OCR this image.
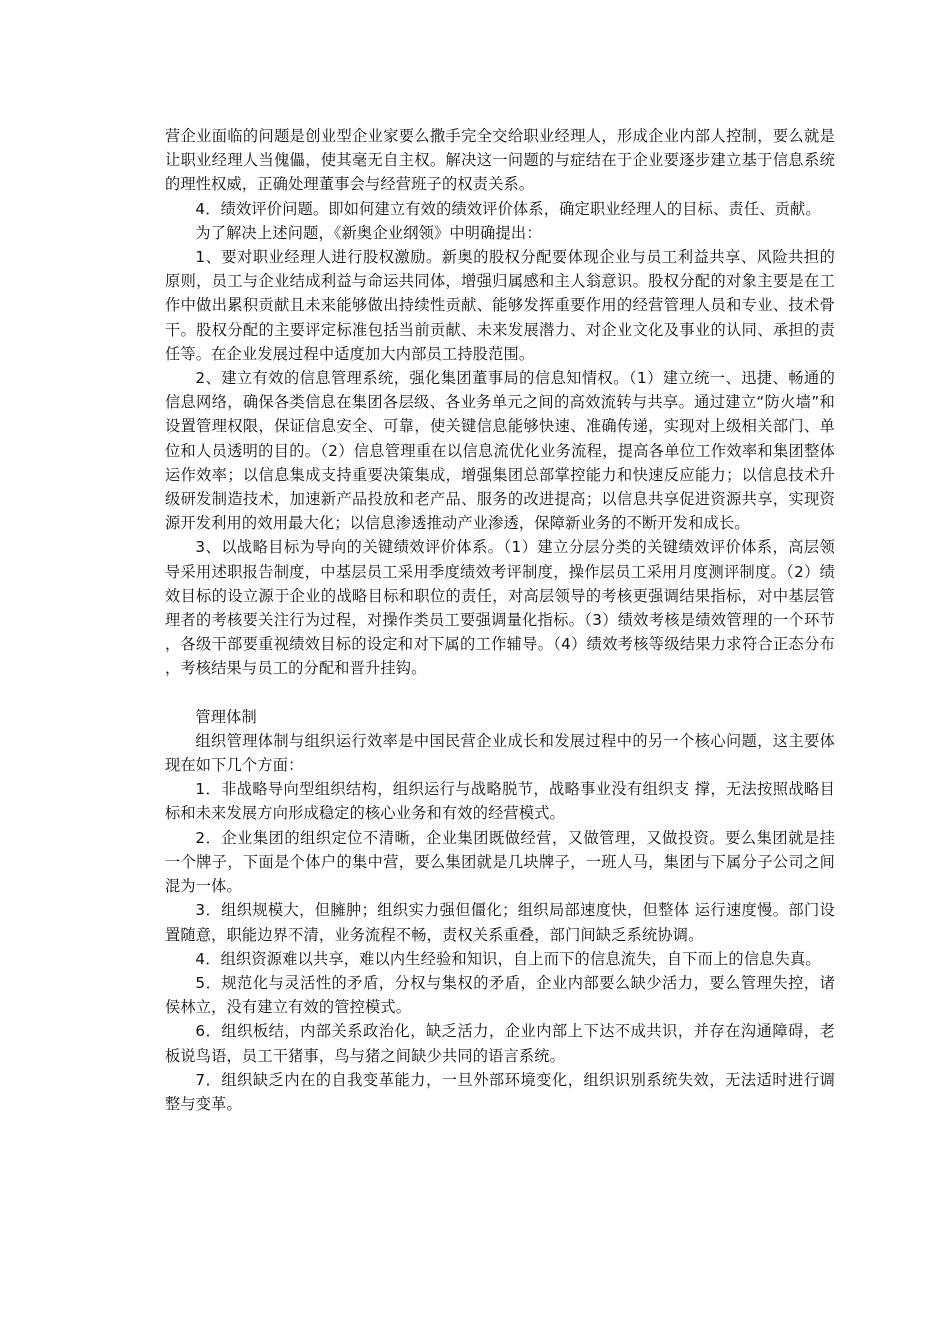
营企业面临的问题是创业型企业家要么撒手完全交给职业经理人，形成企业内部人控制，要么就是让职业经理人当傀儡，使其毫无自主权。解决这一问题的与症结在于企业要逐步建立基于信息系统的理性权威，正确处理董事会与经营班子的权责关系。

4．绩效评价问题。即如何建立有效的绩效评价体系，确定职业经理人的目标、责任、贡献。

为了解决上述问题，《新奥企业纲领》中明确提出：

1、要对职业经理人进行股权激励。新奥的股权分配要体现企业与员工利益共享、风险共担的原则，员工与企业结成利益与命运共同体，增强归属感和主人翁意识。股权分配的对象主要是在工作中做出累积贡献且未来能够做出持续性贡献、能够发挥重要作用的经营管理人员和专业、技术骨干。股权分配的主要评定标准包括当前贡献、未来发展潜力、对企业文化及事业的认同、承担的责任等。在企业发展过程中适度加大内部员工持股范围。

2、建立有效的信息管理系统，强化集团董事局的信息知情权。（1）建立统一、迅捷、畅通的信息网络，确保各类信息在集团各层级、各业务单元之间的高效流转与共享。通过建立“防火墙”和设置管理权限，保证信息安全、可靠，使关键信息能够快速、准确传递，实现对上级相关部门、单位和人员透明的目的。（2）信息管理重在以信息流优化业务流程，提高各单位工作效率和集团整体运作效率；以信息集成支持重要决策集成，增强集团总部掌控能力和快速反应能力；以信息技术升级研发制造技术，加速新产品投放和老产品、服务的改进提高；以信息共享促进资源共享，实现资源开发利用的效用最大化；以信息渗透推动产业渗透，保障新业务的不断开发和成长。

3、以战略目标为导向的关键绩效评价体系。（1）建立分层分类的关键绩效评价体系，高层领导采用述职报告制度，中基层员工采用季度绩效考评制度，操作层员工采用月度测评制度。（2）绩效目标的设立源于企业的战略目标和职位的责任，对高层领导的考核更强调结果指标，对中基层管理者的考核要关注行为过程，对操作类员工要强调量化指标。（3）绩效考核是绩效管理的一个环节，各级干部要重视绩效目标的设定和对下属的工作辅导。（4）绩效考核等级结果力求符合正态分布，考核结果与员工的分配和晋升挂钩。

管理体制

组织管理体制与组织运行效率是中国民营企业成长和发展过程中的另一个核心问题，这主要体现在如下几个方面：

1．非战略导向型组织结构，组织运行与战略脱节，战略事业没有组织支 撑，无法按照战略目标和未来发展方向形成稳定的核心业务和有效的经营模式。

2．企业集团的组织定位不清晰，企业集团既做经营，又做管理，又做投资。要么集团就是挂一个牌子，下面是个体户的集中营，要么集团就是几块牌子，一班人马，集团与下属分子公司之间混为一体。

3．组织规模大，但臃肿；组织实力强但僵化；组织局部速度快，但整体 运行速度慢。部门设置随意，职能边界不清，业务流程不畅，责权关系重叠，部门间缺乏系统协调。

4．组织资源难以共享，难以内生经验和知识，自上而下的信息流失，自下而上的信息失真。

5．规范化与灵活性的矛盾，分权与集权的矛盾，企业内部要么缺少活力，要么管理失控，诸侯林立，没有建立有效的管控模式。

6．组织板结，内部关系政治化，缺乏活力，企业内部上下达不成共识，并存在沟通障碍，老板说鸟语，员工干猪事，鸟与猪之间缺少共同的语言系统。

7．组织缺乏内在的自我变革能力，一旦外部环境变化，组织识别系统失效，无法适时进行调整与变革。
